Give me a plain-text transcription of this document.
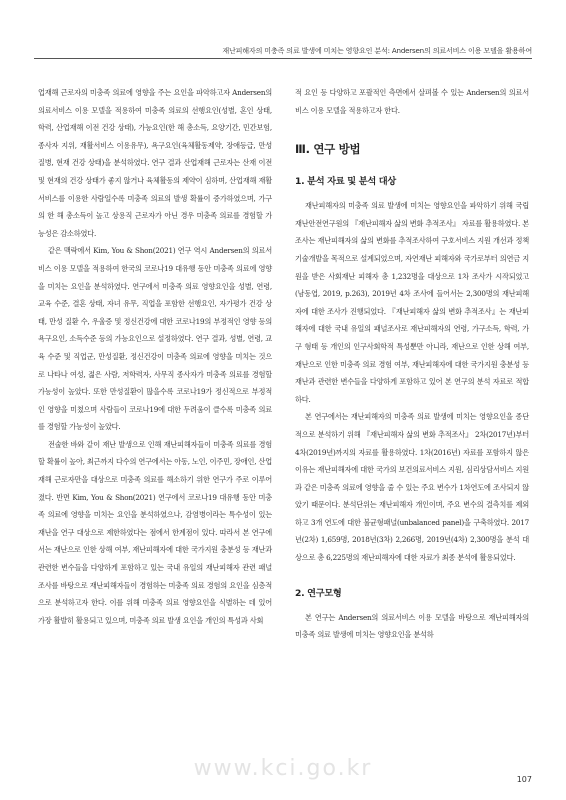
재난피해자의 미충족 의료 발생에 미치는 영향요인 분석: Andersen의 의료서비스 이용 모델을 활용하여

업재해 근로자의 미충족 의료에 영향을 주는 요인을 파악하고자 Andersen의 의료서비스 이용 모델을 적용하여 미충족 의료의 선행요인(성별, 혼인 상태, 학력, 산업재해 이전 건강 상태), 가능요인(한 해 총소득, 요양기간, 민간보험, 종사자 지위, 재활서비스 이용유무), 욕구요인(육체활동제약, 장애등급, 만성질병, 현재 건강 상태)을 분석하였다. 연구 결과 산업재해 근로자는 산재 이전 및 현재의 건강 상태가 좋지 않거나 육체활동의 제약이 심하며, 산업재해 재활서비스를 이용한 사람일수록 미충족 의료의 발생 확률이 증가하였으며, 가구의 한 해 총소득이 높고 상용직 근로자가 아닌 경우 미충족 의료를 경험할 가능성은 감소하였다.

같은 맥락에서 Kim, You & Shon(2021) 연구 역시 Andersen의 의료서비스 이용 모델을 적용하여 한국의 코로나19 대유행 동안 미충족 의료에 영향을 미치는 요인을 분석하였다. 연구에서 미충족 의료 영향요인을 성별, 연령, 교육 수준, 결혼 상태, 자녀 유무, 직업을 포함한 선행요인, 자가평가 건강 상태, 만성 질환 수, 우울증 및 정신건강에 대한 코로나19의 부정적인 영향 등의 욕구요인, 소득수준 등의 가능요인으로 설정하였다. 연구 결과, 성별, 연령, 교육 수준 및 직업군, 만성질환, 정신건강이 미충족 의료에 영향을 미치는 것으로 나타나 여성, 젊은 사람, 저학력자, 사무직 종사자가 미충족 의료를 경험할 가능성이 높았다. 또한 만성질환이 많을수록 코로나19가 정신적으로 부정적인 영향을 미쳤으며 사람들이 코로나19에 대한 두려움이 클수록 미충족 의료를 경험할 가능성이 높았다.

전술한 바와 같이 재난 발생으로 인해 재난피해자들이 미충족 의료를 경험할 확률이 높아, 최근까지 다수의 연구에서는 아동, 노인, 이주민, 장애인, 산업재해 근로자만을 대상으로 미충족 의료를 해소하기 위한 연구가 주로 이루어졌다. 반면 Kim, You & Shon(2021) 연구에서 코로나19 대유행 동안 미충족 의료에 영향을 미치는 요인을 분석하였으나, 감염병이라는 특수성이 있는 재난을 연구 대상으로 제한하였다는 점에서 한계점이 있다. 따라서 본 연구에서는 재난으로 인한 상해 여부, 재난피해자에 대한 국가지원 충분성 등 재난과 관련한 변수들을 다양하게 포함하고 있는 국내 유일의 재난피해자 관련 패널조사를 바탕으로 재난피해자들이 경험하는 미충족 의료 경험의 요인을 심층적으로 분석하고자 한다. 이를 위해 미충족 의료 영향요인을 식별하는 데 있어 가장 활발히 활용되고 있으며, 미충족 의료 발생 요인을 개인의 특성과 사회

적 요인 등 다양하고 포괄적인 측면에서 살펴볼 수 있는 Andersen의 의료서비스 이용 모델을 적용하고자 한다.

Ⅲ. 연구 방법
1. 분석 자료 및 분석 대상

재난피해자의 미충족 의료 발생에 미치는 영향요인을 파악하기 위해 국립재난안전연구원의 『재난피해자 삶의 변화 추적조사』 자료를 활용하였다. 본 조사는 재난피해자의 삶의 변화를 추적조사하여 구호서비스 지원 개선과 정책 기술개발을 목적으로 설계되었으며, 자연재난 피해자와 국가로부터 의연금 지원을 받은 사회재난 피해자 총 1,232명을 대상으로 1차 조사가 시작되었고(남동엽, 2019, p.263), 2019년 4차 조사에 들어서는 2,300명의 재난피해자에 대한 조사가 진행되었다. 『재난피해자 삶의 변화 추적조사』는 재난피해자에 대한 국내 유일의 패널조사로 재난피해자의 연령, 가구소득, 학력, 가구 형태 등 개인의 인구사회학적 특성뿐만 아니라, 재난으로 인한 상해 여부, 재난으로 인한 미충족 의료 경험 여부, 재난피해자에 대한 국가지원 충분성 등 재난과 관련한 변수들을 다양하게 포함하고 있어 본 연구의 분석 자료로 적합하다.

본 연구에서는 재난피해자의 미충족 의료 발생에 미치는 영향요인을 종단적으로 분석하기 위해 『재난피해자 삶의 변화 추적조사』 2차(2017년)부터 4차(2019년)까지의 자료를 활용하였다. 1차(2016년) 자료를 포함하지 않은 이유는 재난피해자에 대한 국가의 보건의료서비스 지원, 심리상담서비스 지원과 같은 미충족 의료에 영향을 줄 수 있는 주요 변수가 1차연도에 조사되지 않았기 때문이다. 분석단위는 재난피해자 개인이며, 주요 변수의 결측치를 제외하고 3개 연도에 대한 불균형패널(unbalanced panel)을 구축하였다. 2017년(2차) 1,659명, 2018년(3차) 2,266명, 2019년(4차) 2,300명을 분석 대상으로 총 6,225명의 재난피해자에 대한 자료가 최종 분석에 활용되었다.

2. 연구모형

본 연구는 Andersen의 의료서비스 이용 모델을 바탕으로 재난피해자의 미충족 의료 발생에 미치는 영향요인을 분석하

www.kci.go.kr	107
